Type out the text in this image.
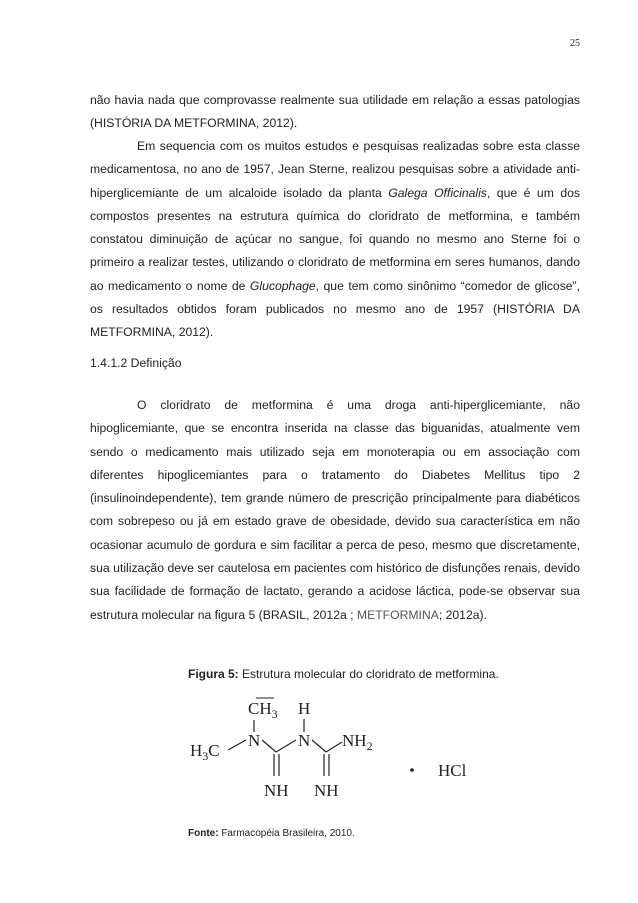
25

não havia nada que comprovasse realmente sua utilidade em relação a essas patologias (HISTÓRIA DA METFORMINA, 2012).

Em sequencia com os muitos estudos e pesquisas realizadas sobre esta classe medicamentosa, no ano de 1957, Jean Sterne, realizou pesquisas sobre a atividade anti-hiperglicemiante de um alcaloide isolado da planta Galega Officinalis, que é um dos compostos presentes na estrutura química do cloridrato de metformina, e também constatou diminuição de açúcar no sangue, foi quando no mesmo ano Sterne foi o primeiro a realizar testes, utilizando o cloridrato de metformina em seres humanos, dando ao medicamento o nome de Glucophage, que tem como sinônimo “comedor de glicose”, os resultados obtidos foram publicados no mesmo ano de 1957 (HISTÓRIA DA METFORMINA, 2012).

1.4.1.2 Definição

O cloridrato de metformina é uma droga anti-hiperglicemiante, não hipoglicemiante, que se encontra inserida na classe das biguanidas, atualmente vem sendo o medicamento mais utilizado seja em monoterapia ou em associação com diferentes hipoglicemiantes para o tratamento do Diabetes Mellitus tipo 2 (insulinoindependente), tem grande número de prescrição principalmente para diabéticos com sobrepeso ou já em estado grave de obesidade, devido sua característica em não ocasionar acumulo de gordura e sim facilitar a perca de peso, mesmo que discretamente, sua utilização deve ser cautelosa em pacientes com histórico de disfunções renais, devido sua facilidade de formação de lactato, gerando a acidose láctica, pode-se observar sua estrutura molecular na figura 5 (BRASIL, 2012a ; METFORMINA; 2012a).

Figura 5: Estrutura molecular do cloridrato de metformina.
$CH_3$ H
$H_3C$
N N $NH_2$
NH NH
HCl
Fonte: Farmacopéia Brasileira, 2010.
